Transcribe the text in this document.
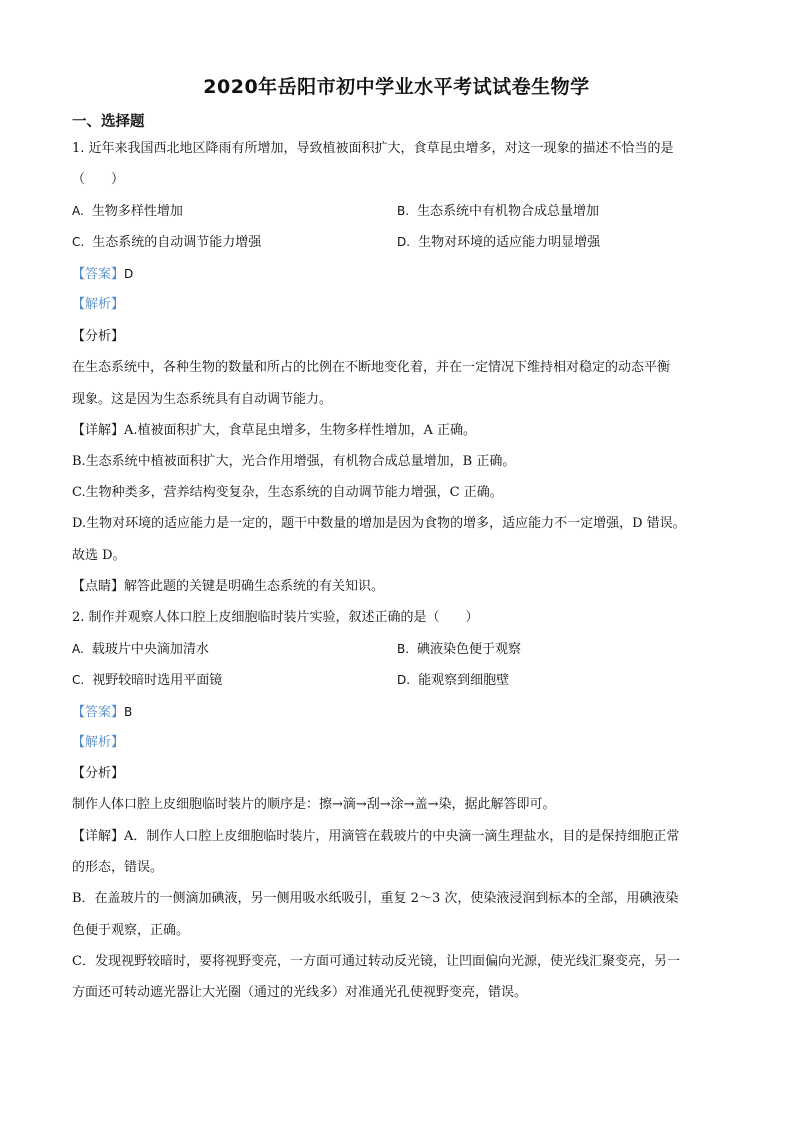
2020年岳阳市初中学业水平考试试卷生物学
一、选择题
1. 近年来我国西北地区降雨有所增加，导致植被面积扩大，食草昆虫增多，对这一现象的描述不恰当的是
（　　）
A. 生物多样性增加	B. 生态系统中有机物合成总量增加
C. 生态系统的自动调节能力增强	D. 生物对环境的适应能力明显增强
【答案】D
【解析】
【分析】
在生态系统中，各种生物的数量和所占的比例在不断地变化着，并在一定情况下维持相对稳定的动态平衡
现象。这是因为生态系统具有自动调节能力。
【详解】A.植被面积扩大，食草昆虫增多，生物多样性增加，A 正确。
B.生态系统中植被面积扩大，光合作用增强，有机物合成总量增加，B 正确。
C.生物种类多，营养结构变复杂，生态系统的自动调节能力增强，C 正确。
D.生物对环境的适应能力是一定的，题干中数量的增加是因为食物的增多，适应能力不一定增强，D 错误。
故选 D。
【点睛】解答此题的关键是明确生态系统的有关知识。
2. 制作并观察人体口腔上皮细胞临时装片实验，叙述正确的是（　　）
A. 载玻片中央滴加清水	B. 碘液染色便于观察
C. 视野较暗时选用平面镜	D. 能观察到细胞壁
【答案】B
【解析】
【分析】
制作人体口腔上皮细胞临时装片的顺序是：擦→滴→刮→涂→盖→染，据此解答即可。
【详解】A．制作人口腔上皮细胞临时装片，用滴管在载玻片的中央滴一滴生理盐水，目的是保持细胞正常
的形态，错误。
B．在盖玻片的一侧滴加碘液，另一侧用吸水纸吸引，重复 2～3 次，使染液浸润到标本的全部，用碘液染
色便于观察，正确。
C．发现视野较暗时，要将视野变亮，一方面可通过转动反光镜，让凹面偏向光源，使光线汇聚变亮，另一
方面还可转动遮光器让大光圈（通过的光线多）对准通光孔使视野变亮，错误。
